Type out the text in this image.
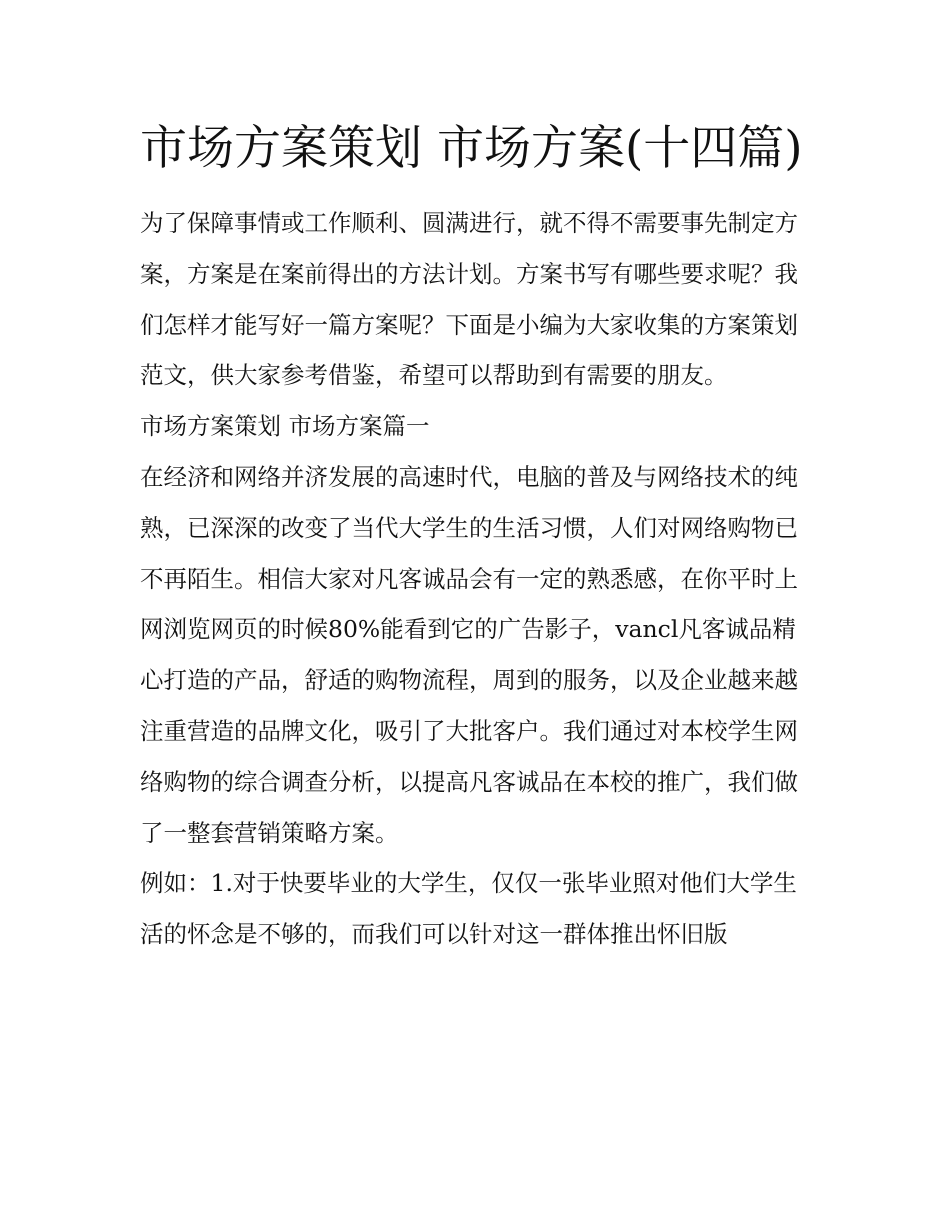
市场方案策划 市场方案(十四篇)

为了保障事情或工作顺利、圆满进行，就不得不需要事先制定方案，方案是在案前得出的方法计划。方案书写有哪些要求呢？我们怎样才能写好一篇方案呢？下面是小编为大家收集的方案策划范文，供大家参考借鉴，希望可以帮助到有需要的朋友。

市场方案策划 市场方案篇一

在经济和网络并济发展的高速时代，电脑的普及与网络技术的纯熟，已深深的改变了当代大学生的生活习惯，人们对网络购物已不再陌生。相信大家对凡客诚品会有一定的熟悉感，在你平时上网浏览网页的时候80%能看到它的广告影子，vancl凡客诚品精心打造的产品，舒适的购物流程，周到的服务，以及企业越来越注重营造的品牌文化，吸引了大批客户。我们通过对本校学生网络购物的综合调查分析，以提高凡客诚品在本校的推广，我们做了一整套营销策略方案。

例如：1.对于快要毕业的大学生，仅仅一张毕业照对他们大学生活的怀念是不够的，而我们可以针对这一群体推出怀旧版
